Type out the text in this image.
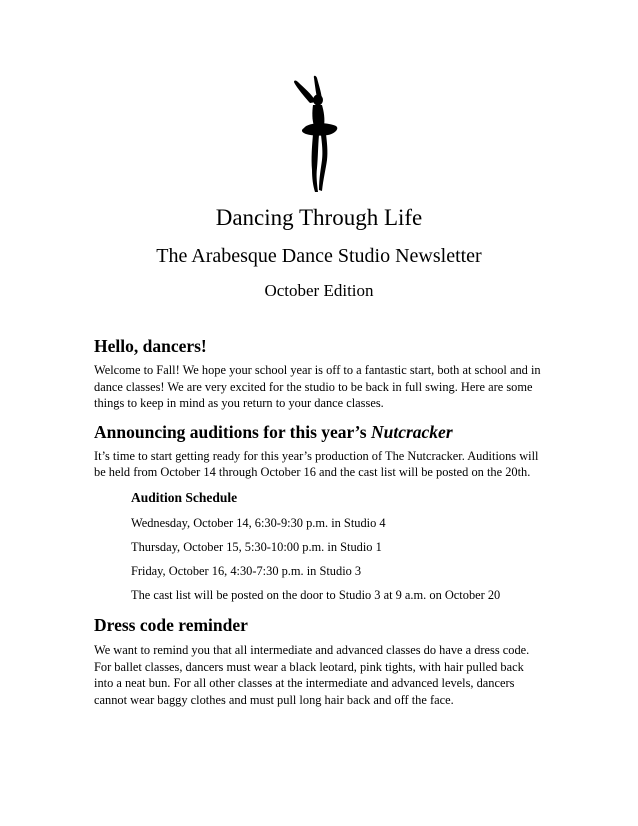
Dancing Through Life
The Arabesque Dance Studio Newsletter
October Edition
Hello, dancers!

Welcome to Fall! We hope your school year is off to a fantastic start, both at school and in dance classes! We are very excited for the studio to be back in full swing. Here are some things to keep in mind as you return to your dance classes.

Announcing auditions for this year’s Nutcracker

It’s time to start getting ready for this year’s production of The Nutcracker. Auditions will be held from October 14 through October 16 and the cast list will be posted on the 20th.

Audition Schedule
Wednesday, October 14, 6:30-9:30 p.m. in Studio 4
Thursday, October 15, 5:30-10:00 p.m. in Studio 1
Friday, October 16, 4:30-7:30 p.m. in Studio 3
The cast list will be posted on the door to Studio 3 at 9 a.m. on October 20
Dress code reminder

We want to remind you that all intermediate and advanced classes do have a dress code. For ballet classes, dancers must wear a black leotard, pink tights, with hair pulled back into a neat bun. For all other classes at the intermediate and advanced levels, dancers cannot wear baggy clothes and must pull long hair back and off the face.
